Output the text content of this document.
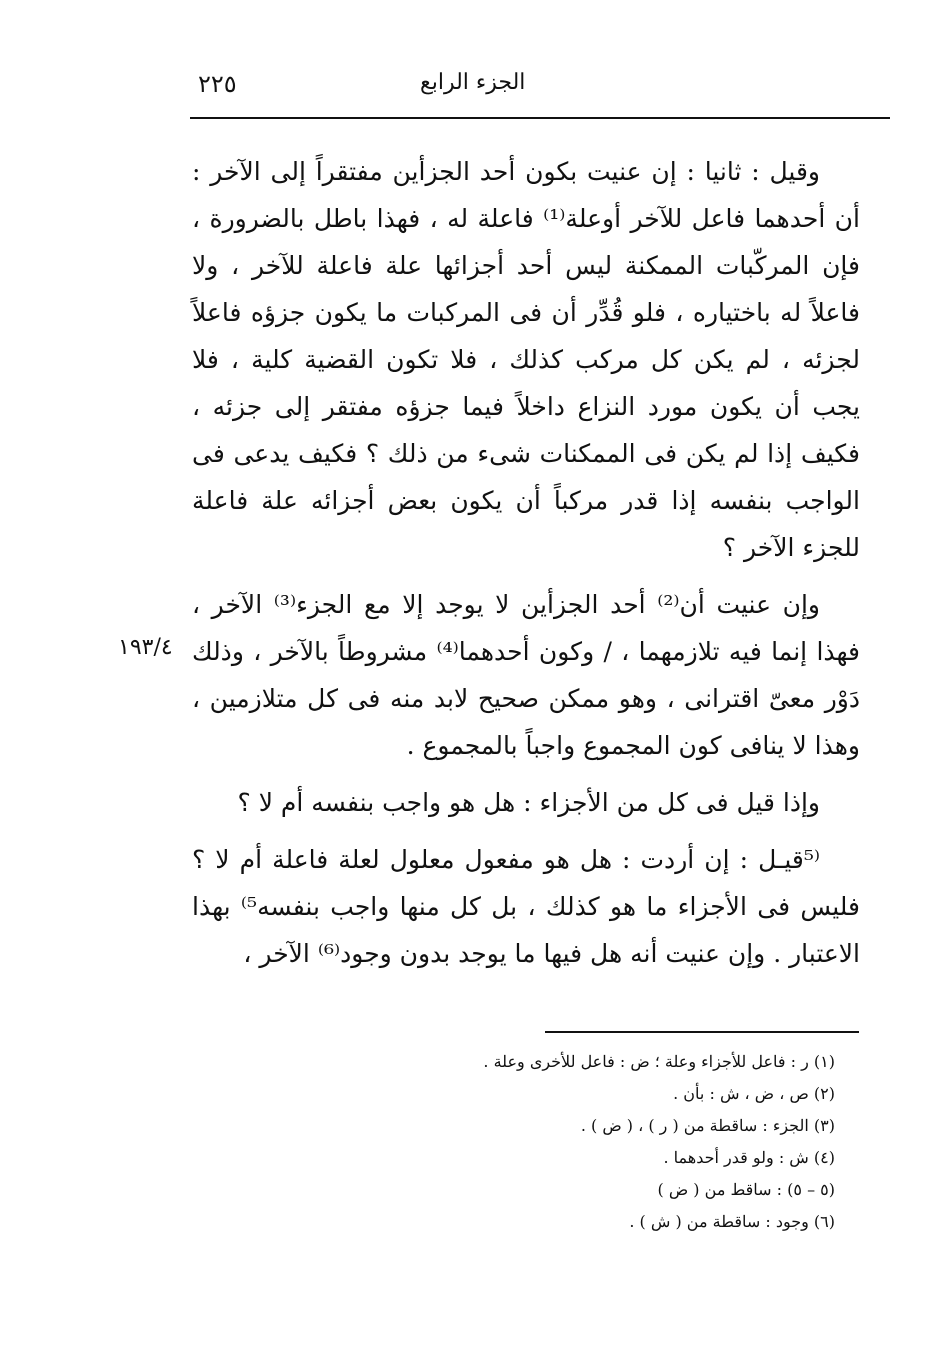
٢٢٥	الجزء الرابع

وقيل : ثانيا : إن عنيت بكون أحد الجزأين مفتقراً إلى الآخر : أن أحدهما فاعل للآخر أوعلة⁽¹⁾ فاعلة له ، فهذا باطل بالضرورة ، فإن المركّبات الممكنة ليس أحد أجزائها علة فاعلة للآخر ، ولا فاعلاً له باختياره ، فلو قُدِّر أن فى المركبات ما يكون جزؤه فاعلاً لجزئه ، لم يكن كل مركب كذلك ، فلا تكون القضية كلية ، فلا يجب أن يكون مورد النزاع داخلاً فيما جزؤه مفتقر إلى جزئه ، فكيف إذا لم يكن فى الممكنات شىء من ذلك ؟ فكيف يدعى فى الواجب بنفسه إذا قدر مركباً أن يكون بعض أجزائه علة فاعلة للجزء الآخر ؟

وإن عنيت أن⁽²⁾ أحد الجزأين لا يوجد إلا مع الجزء⁽³⁾ الآخر ، فهذا إنما فيه تلازمهما ، / وكون أحدهما⁽⁴⁾ مشروطاً بالآخر ، وذلك دَوْر معىّ اقترانى ، وهو ممكن صحيح لابد منه فى كل متلازمين ، وهذا لا ينافى كون المجموع واجباً بالمجموع .

وإذا قيل فى كل من الأجزاء : هل هو واجب بنفسه أم لا ؟

⁽⁵قيـل : إن أردت : هل هو مفعول معلول لعلة فاعلة أم لا ؟ فليس فى الأجزاء ما هو كذلك ، بل كل منها واجب بنفسه⁵⁾ بهذا الاعتبار . وإن عنيت أنه هل فيها ما يوجد بدون وجود⁽⁶⁾ الآخر ،

١٩٣/٤
(١) ر : فاعل للأجزاء وعلة ؛ ض : فاعل للأخرى وعلة .
(٢) ص ، ض ، ش : بأن .
(٣) الجزء : ساقطة من ( ر ) ، ( ض ) .
(٤) ش : ولو قدر أحدهما .
(٥ – ٥) : ساقط من ( ض )
(٦) وجود : ساقطة من ( ش ) .
